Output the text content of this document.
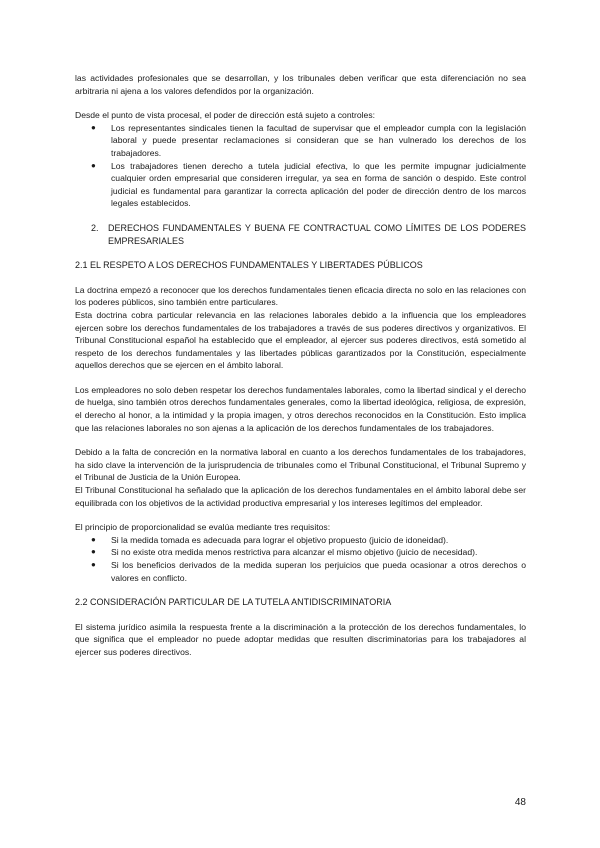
las actividades profesionales que se desarrollan, y los tribunales deben verificar que esta diferenciación no sea arbitraria ni ajena a los valores defendidos por la organización.

Desde el punto de vista procesal, el poder de dirección está sujeto a controles:

● Los representantes sindicales tienen la facultad de supervisar que el empleador cumpla con la legislación laboral y puede presentar reclamaciones si consideran que se han vulnerado los derechos de los trabajadores.
● Los trabajadores tienen derecho a tutela judicial efectiva, lo que les permite impugnar judicialmente cualquier orden empresarial que consideren irregular, ya sea en forma de sanción o despido. Este control judicial es fundamental para garantizar la correcta aplicación del poder de dirección dentro de los marcos legales establecidos.
2. DERECHOS FUNDAMENTALES Y BUENA FE CONTRACTUAL COMO LÍMITES DE LOS PODERES EMPRESARIALES
2.1 EL RESPETO A LOS DERECHOS FUNDAMENTALES Y LIBERTADES PÚBLICOS

La doctrina empezó a reconocer que los derechos fundamentales tienen eficacia directa no solo en las relaciones con los poderes públicos, sino también entre particulares.

Esta doctrina cobra particular relevancia en las relaciones laborales debido a la influencia que los empleadores ejercen sobre los derechos fundamentales de los trabajadores a través de sus poderes directivos y organizativos. El Tribunal Constitucional español ha establecido que el empleador, al ejercer sus poderes directivos, está sometido al respeto de los derechos fundamentales y las libertades públicas garantizados por la Constitución, especialmente aquellos derechos que se ejercen en el ámbito laboral.

Los empleadores no solo deben respetar los derechos fundamentales laborales, como la libertad sindical y el derecho de huelga, sino también otros derechos fundamentales generales, como la libertad ideológica, religiosa, de expresión, el derecho al honor, a la intimidad y la propia imagen, y otros derechos reconocidos en la Constitución. Esto implica que las relaciones laborales no son ajenas a la aplicación de los derechos fundamentales de los trabajadores.

Debido a la falta de concreción en la normativa laboral en cuanto a los derechos fundamentales de los trabajadores, ha sido clave la intervención de la jurisprudencia de tribunales como el Tribunal Constitucional, el Tribunal Supremo y el Tribunal de Justicia de la Unión Europea.

El Tribunal Constitucional ha señalado que la aplicación de los derechos fundamentales en el ámbito laboral debe ser equilibrada con los objetivos de la actividad productiva empresarial y los intereses legítimos del empleador.

El principio de proporcionalidad se evalúa mediante tres requisitos:

● Si la medida tomada es adecuada para lograr el objetivo propuesto (juicio de idoneidad).
● Si no existe otra medida menos restrictiva para alcanzar el mismo objetivo (juicio de necesidad).
● Si los beneficios derivados de la medida superan los perjuicios que pueda ocasionar a otros derechos o valores en conflicto.
2.2 CONSIDERACIÓN PARTICULAR DE LA TUTELA ANTIDISCRIMINATORIA

El sistema jurídico asimila la respuesta frente a la discriminación a la protección de los derechos fundamentales, lo que significa que el empleador no puede adoptar medidas que resulten discriminatorias para los trabajadores al ejercer sus poderes directivos.

48
